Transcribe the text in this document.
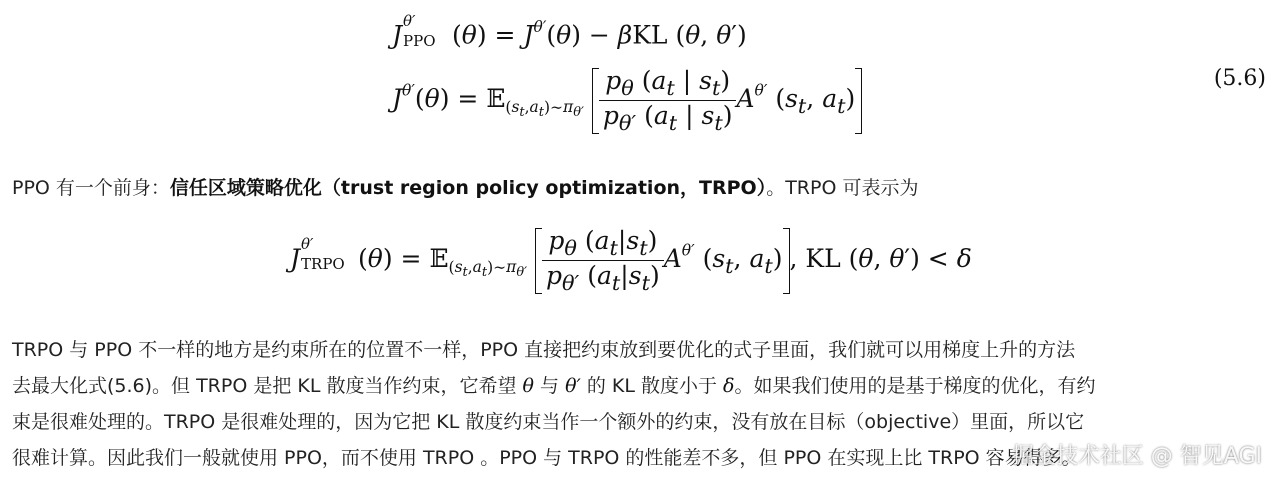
J θ′
PPO $(\theta) = J^{\theta'}(\theta) - \beta KL$ (θ, θ′)
$J^{\theta'}(\theta)$ = 𝔼$_{(s_t,a_t)\sim\pi_{\theta'}}$ $\frac{p_\theta (a_t | s_t)}{p_{\theta'} (a_t | s_t)} A^{\theta'}$ ($s_t$, $a_t$)
(5.6)
PPO 有一个前身：信任区域策略优化（trust region policy optimization，TRPO）。TRPO 可表示为
J θ′
TRPO (θ) = 𝔼$_{(s_t,a_t)\sim\pi_{\theta'}}$ $\frac{p_\theta (a_t|s_t)}{p_{\theta'} (a_t|s_t)} A^{\theta'}$ ($s_t$, $a_t$) , KL (θ, θ′) < δ
TRPO 与 PPO 不一样的地方是约束所在的位置不一样，PPO 直接把约束放到要优化的式子里面，我们就可以用梯度上升的方法
去最大化式(5.6)。但 TRPO 是把 KL 散度当作约束，它希望 θ 与 θ′ 的 KL 散度小于 δ。如果我们使用的是基于梯度的优化，有约
束是很难处理的。TRPO 是很难处理的，因为它把 KL 散度约束当作一个额外的约束，没有放在目标（objective）里面，所以它
很难计算。因此我们一般就使用 PPO，而不使用 TRPO 。PPO 与 TRPO 的性能差不多，但 PPO 在实现上比 TRPO 容易得多。
掘金技术社区 @ 智见AGI
